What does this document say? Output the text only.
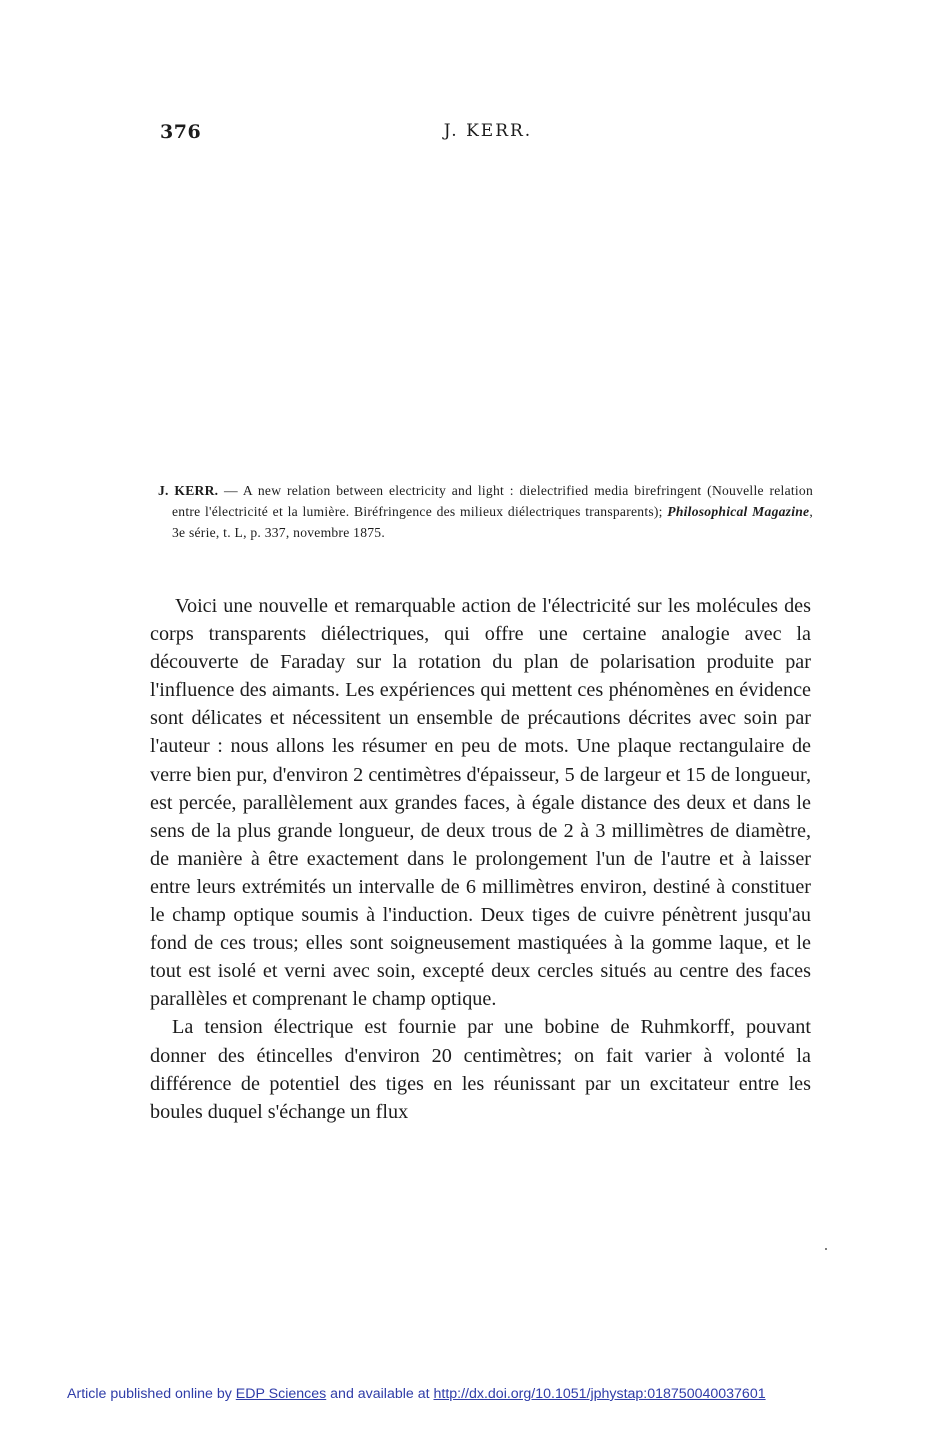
376	J. KERR.
J. KERR. — A new relation between electricity and light : dielectrified media birefringent (Nouvelle relation entre l'électricité et la lumière. Biréfringence des milieux diélectriques transparents); Philosophical Magazine, 3e série, t. L, p. 337, novembre 1875.

Voici une nouvelle et remarquable action de l'électricité sur les molécules des corps transparents diélectriques, qui offre une certaine analogie avec la découverte de Faraday sur la rotation du plan de polarisation produite par l'influence des aimants. Les expériences qui mettent ces phénomènes en évidence sont délicates et nécessitent un ensemble de précautions décrites avec soin par l'auteur : nous allons les résumer en peu de mots. Une plaque rectangulaire de verre bien pur, d'environ 2 centimètres d'épaisseur, 5 de largeur et 15 de longueur, est percée, parallèlement aux grandes faces, à égale distance des deux et dans le sens de la plus grande longueur, de deux trous de 2 à 3 millimètres de diamètre, de manière à être exactement dans le prolongement l'un de l'autre et à laisser entre leurs extrémités un intervalle de 6 millimètres environ, destiné à constituer le champ optique soumis à l'induction. Deux tiges de cuivre pénètrent jusqu'au fond de ces trous; elles sont soigneusement mastiquées à la gomme laque, et le tout est isolé et verni avec soin, excepté deux cercles situés au centre des faces parallèles et comprenant le champ optique.

La tension électrique est fournie par une bobine de Ruhmkorff, pouvant donner des étincelles d'environ 20 centimètres; on fait varier à volonté la différence de potentiel des tiges en les réunissant par un excitateur entre les boules duquel s'échange un flux

Article published online by EDP Sciences and available at http://dx.doi.org/10.1051/jphystap:018750040037601
